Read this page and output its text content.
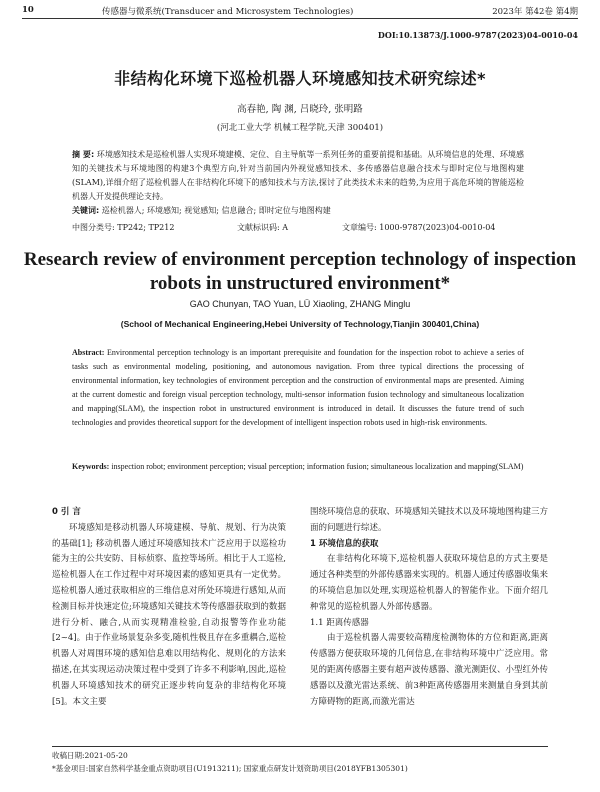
10	传感器与微系统(Transducer and Microsystem Technologies)	2023年 第42卷 第4期
DOI:10.13873/J.1000-9787(2023)04-0010-04
非结构化环境下巡检机器人环境感知技术研究综述*
高春艳, 陶 渊, 吕晓玲, 张明路
(河北工业大学 机械工程学院,天津 300401)
摘 要: 环境感知技术是巡检机器人实现环境建模、定位、自主导航等一系列任务的重要前提和基础。从环境信息的处理、环境感知的关键技术与环境地图的构建3个典型方向,针对当前国内外视觉感知技术、多传感器信息融合技术与即时定位与地图构建(SLAM),详细介绍了巡检机器人在非结构化环境下的感知技术与方法,探讨了此类技术未来的趋势,为应用于高危环境的智能巡检机器人开发提供理论支持。
关键词: 巡检机器人; 环境感知; 视觉感知; 信息融合; 即时定位与地图构建
中图分类号: TP242; TP212	文献标识码: A	文章编号: 1000-9787(2023)04-0010-04
Research review of environment perception technology of inspection robots in unstructured environment*
GAO Chunyan, TAO Yuan, LÜ Xiaoling, ZHANG Minglu
(School of Mechanical Engineering,Hebei University of Technology,Tianjin 300401,China)
Abstract: Environmental perception technology is an important prerequisite and foundation for the inspection robot to achieve a series of tasks such as environmental modeling, positioning, and autonomous navigation. From three typical directions the processing of environmental information, key technologies of environment perception and the construction of environmental maps are presented. Aiming at the current domestic and foreign visual perception technology, multi-sensor information fusion technology and simultaneous localization and mapping(SLAM), the inspection robot in unstructured environment is introduced in detail. It discusses the future trend of such technologies and provides theoretical support for the development of intelligent inspection robots used in high-risk environments.
Keywords: inspection robot; environment perception; visual perception; information fusion; simultaneous localization and mapping(SLAM)
0 引 言

环境感知是移动机器人环境建模、导航、规划、行为决策的基础[1]; 移动机器人通过环境感知技术广泛应用于以巡检功能为主的公共安防、目标侦察、监控等场所。相比于人工巡检,巡检机器人在工作过程中对环境因素的感知更具有一定优势。巡检机器人通过获取相应的三维信息对所处环境进行感知,从而检测目标并快速定位;环境感知关键技术等传感器获取到的数据进行分析、融合,从而实现精准检验,自动报警等作业功能[2~4]。由于作业场景复杂多变,随机性极且存在多重耦合,巡检机器人对周围环境的感知信息难以用结构化、规则化的方法来描述,在其实现运动决策过程中受到了许多不利影响,因此,巡检机器人环境感知技术的研究正逐步转向复杂的非结构化环境[5]。本文主要

围绕环境信息的获取、环境感知关键技术以及环境地图构建三方面的问题进行综述。

1 环境信息的获取

在非结构化环境下,巡检机器人获取环境信息的方式主要是通过各种类型的外部传感器来实现的。机器人通过传感器收集来的环境信息加以处理,实现巡检机器人的智能作业。下面介绍几种常见的巡检机器人外部传感器。

1.1 距离传感器

由于巡检机器人需要较高精度检测物体的方位和距离,距离传感器方便获取环境的几何信息,在非结构环境中广泛应用。常见的距离传感器主要有超声波传感器、激光测距仪、小型红外传感器以及激光雷达系统、前3种距离传感器用来测量自身到其前方障碍物的距离,而激光雷达

收稿日期:2021-05-20
*基金项目:国家自然科学基金重点资助项目(U1913211); 国家重点研发计划资助项目(2018YFB1305301)
